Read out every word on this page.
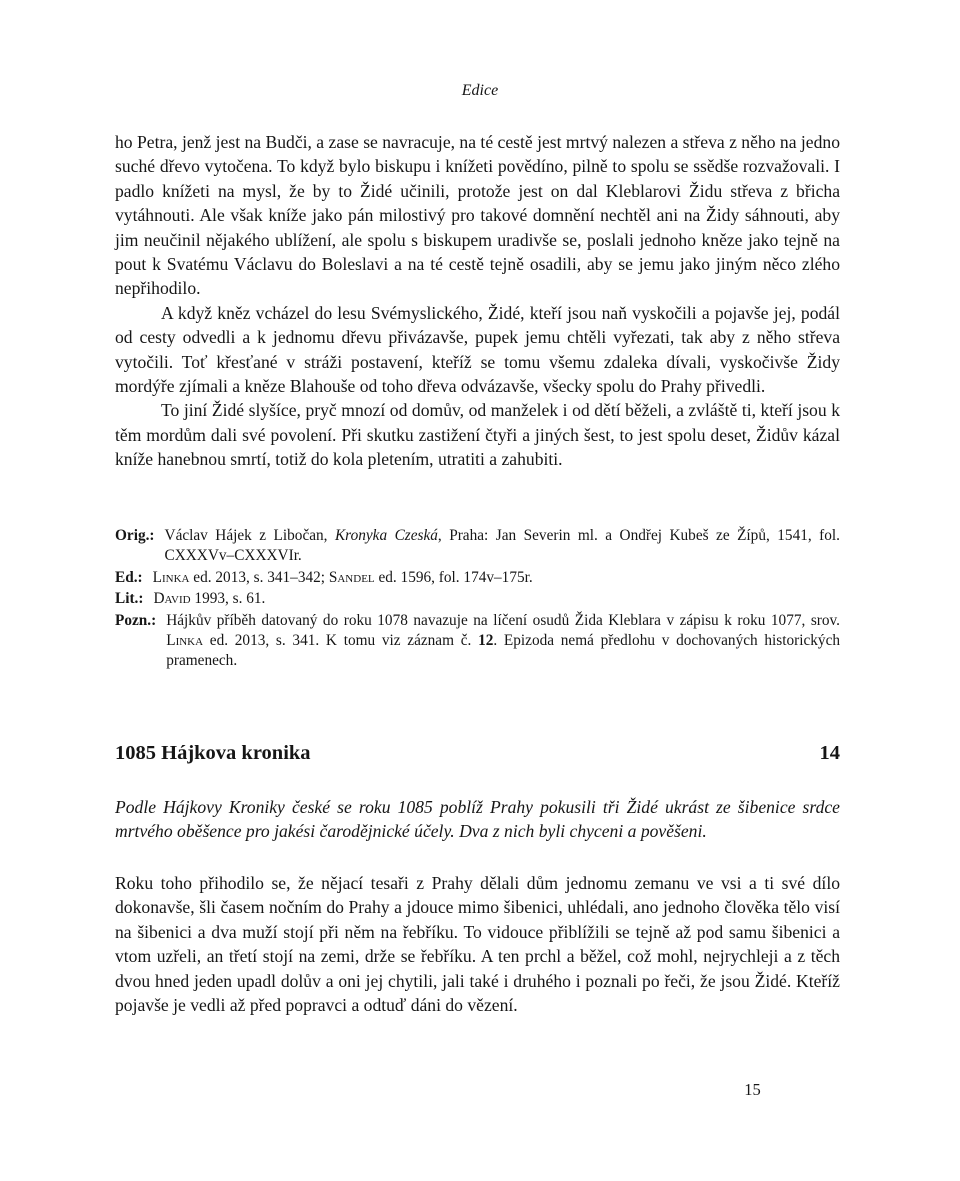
Edice

ho Petra, jenž jest na Budči, a zase se navracuje, na té cestě jest mrtvý nalezen a střeva z něho na jedno suché dřevo vytočena. To když bylo biskupu i knížeti povědíno, pilně to spolu se ssědše rozvažovali. I padlo knížeti na mysl, že by to Židé učinili, protože jest on dal Kleblarovi Židu střeva z břicha vytáhnouti. Ale však kníže jako pán milostivý pro takové domnění nechtěl ani na Židy sáhnouti, aby jim neučinil nějakého ublížení, ale spolu s biskupem uradivše se, poslali jednoho kněze jako tejně na pout k Svatému Václavu do Boleslavi a na té cestě tejně osadili, aby se jemu jako jiným něco zlého nepřihodilo.

A když kněz vcházel do lesu Svémyslického, Židé, kteří jsou naň vyskočili a pojavše jej, podál od cesty odvedli a k jednomu dřevu přivázavše, pupek jemu chtěli vyřezati, tak aby z něho střeva vytočili. Toť křesťané v stráži postavení, kteříž se tomu všemu zdaleka dívali, vyskočivše Židy mordýře zjímali a kněze Blahouše od toho dřeva odvázavše, všecky spolu do Prahy přivedli.

To jiní Židé slyšíce, pryč mnozí od domův, od manželek i od dětí běželi, a zvláště ti, kteří jsou k těm mordům dali své povolení. Při skutku zastižení čtyři a jiných šest, to jest spolu deset, Židův kázal kníže hanebnou smrtí, totiž do kola pletením, utratiti a zahubiti.

Orig.: Václav Hájek z Libočan, Kronyka Czeská, Praha: Jan Severin ml. a Ondřej Kubeš ze Žípů, 1541, fol. CXXXVv–CXXXVIr.
Ed.: Linka ed. 2013, s. 341–342; Sandel ed. 1596, fol. 174v–175r.
Lit.: David 1993, s. 61.
Pozn.: Hájkův příběh datovaný do roku 1078 navazuje na líčení osudů Žida Kleblara v zápisu k roku 1077, srov. Linka ed. 2013, s. 341. K tomu viz záznam č. 12. Epizoda nemá předlohu v dochovaných historických pramenech.
1085 Hájkova kronika	14
Podle Hájkovy Kroniky české se roku 1085 poblíž Prahy pokusili tři Židé ukrást ze šibenice srdce mrtvého oběšence pro jakési čarodějnické účely. Dva z nich byli chyceni a pověšeni.

Roku toho přihodilo se, že nějací tesaři z Prahy dělali dům jednomu zemanu ve vsi a ti své dílo dokonavše, šli časem nočním do Prahy a jdouce mimo šibenici, uhlédali, ano jednoho člověka tělo visí na šibenici a dva muží stojí při něm na řebříku. To vidouce přiblížili se tejně až pod samu šibenici a vtom uzřeli, an třetí stojí na zemi, drže se řebříku. A ten prchl a běžel, což mohl, nejrychleji a z těch dvou hned jeden upadl dolův a oni jej chytili, jali také i druhého i poznali po řeči, že jsou Židé. Kteříž pojavše je vedli až před popravci a odtuď dáni do vězení.

15
